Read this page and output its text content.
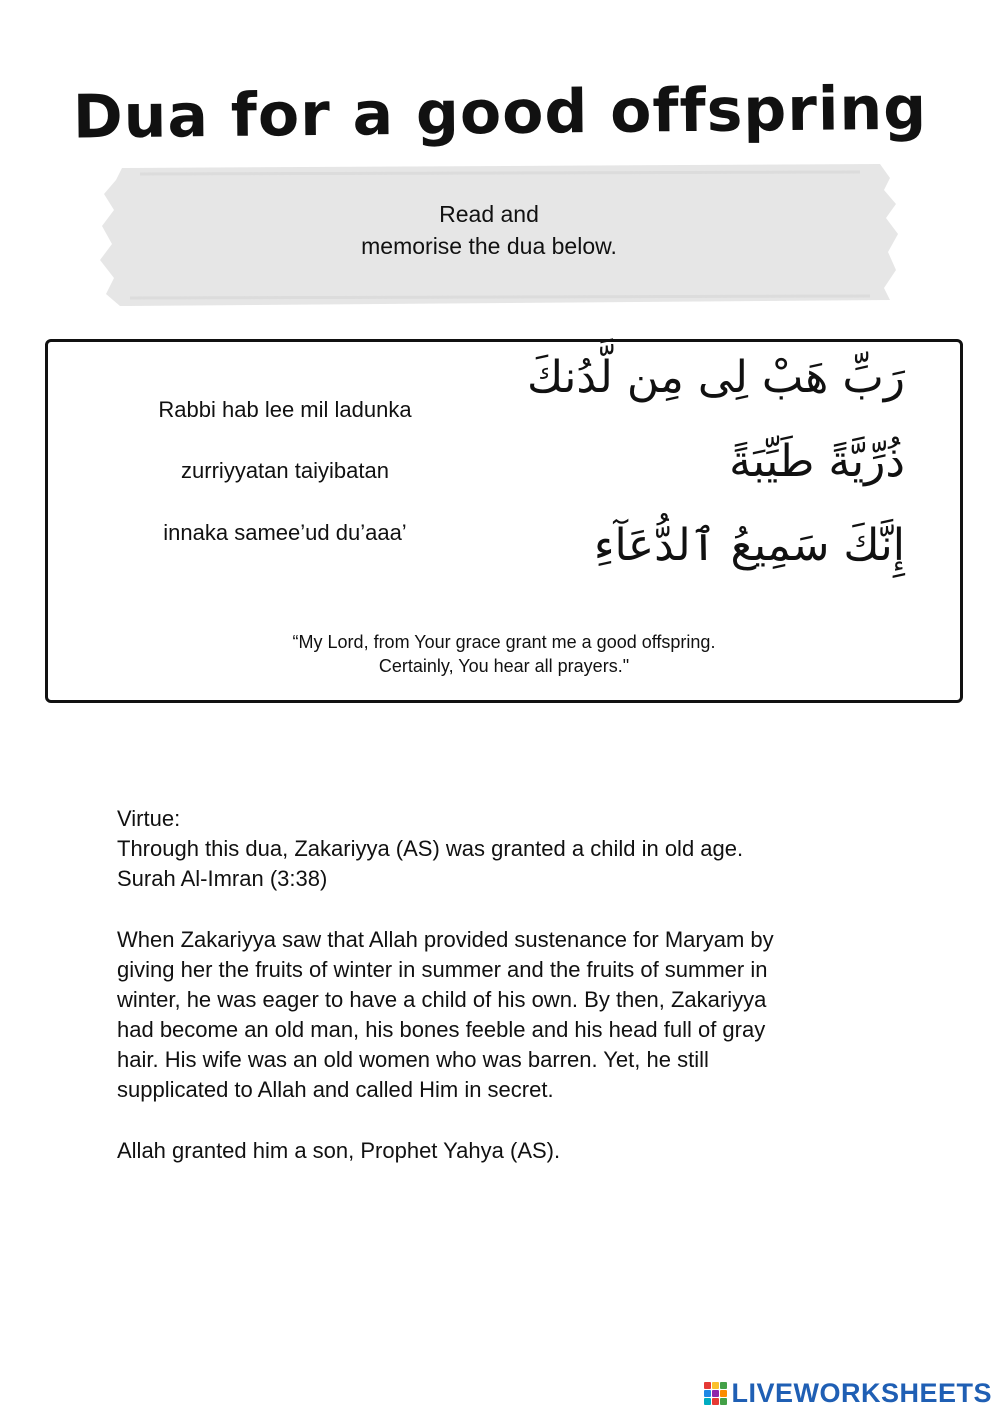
Dua for a good offspring
Read and
memorise the dua below.
Rabbi hab lee mil ladunka
zurriyyatan taiyibatan
innaka samee’ud du’aaa’
رَبِّ هَبْ لِى مِن لَّدُنكَ
ذُرِّيَّةً طَيِّبَةً
إِنَّكَ سَمِيعُ ٱلدُّعَآءِ
“My Lord, from Your grace grant me a good offspring.
Certainly, You hear all prayers."

Virtue:

Through this dua, Zakariyya (AS) was granted a child in old age.

Surah Al-Imran (3:38)

When Zakariyya saw that Allah provided sustenance for Maryam by

giving her the fruits of winter in summer and the fruits of summer in

winter, he was eager to have a child of his own. By then, Zakariyya

had become an old man, his bones feeble and his head full of gray

hair. His wife was an old women who was barren. Yet, he still

supplicated to Allah and called Him in secret.

Allah granted him a son, Prophet Yahya (AS).

LIVEWORKSHEETS
